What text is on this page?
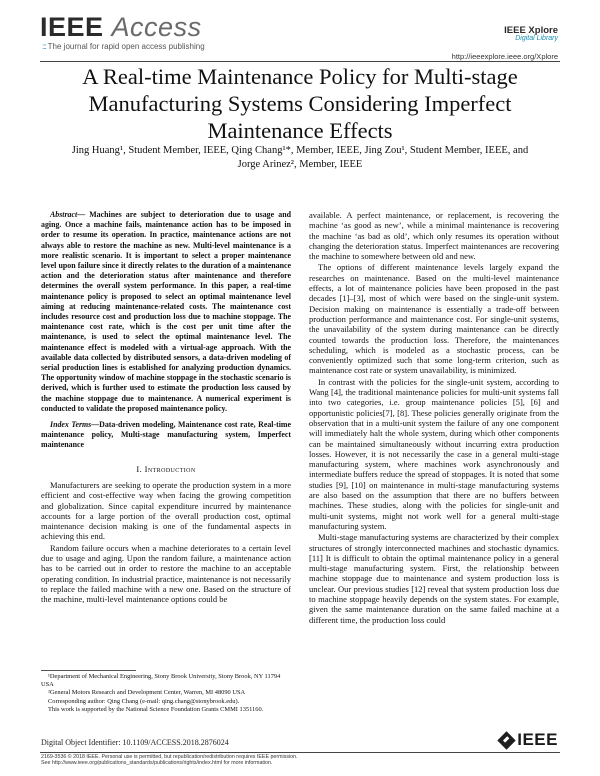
IEEE Access
::: The journal for rapid open access publishing
IEEE Xplore
Digital Library
http://ieeexplore.ieee.org/Xplore
A Real-time Maintenance Policy for Multi-stage Manufacturing Systems Considering Imperfect Maintenance Effects
Jing Huang¹, Student Member, IEEE, Qing Chang¹*, Member, IEEE, Jing Zou¹, Student Member, IEEE, and Jorge Arinez², Member, IEEE

Abstract— Machines are subject to deterioration due to usage and aging. Once a machine fails, maintenance action has to be imposed in order to resume its operation. In practice, maintenance actions are not always able to restore the machine as new. Multi-level maintenance is a more realistic scenario. It is important to select a proper maintenance level upon failure since it directly relates to the duration of a maintenance action and the deterioration status after maintenance and therefore determines the overall system performance. In this paper, a real-time maintenance policy is proposed to select an optimal maintenance level aiming at reducing maintenance-related costs. The maintenance cost includes resource cost and production loss due to machine stoppage. The maintenance cost rate, which is the cost per unit time after the maintenance, is used to select the optimal maintenance level. The maintenance effect is modeled with a virtual-age approach. With the available data collected by distributed sensors, a data-driven modeling of serial production lines is established for analyzing production dynamics. The opportunity window of machine stoppage in the stochastic scenario is derived, which is further used to estimate the production loss caused by the machine stoppage due to maintenance. A numerical experiment is conducted to validate the proposed maintenance policy.

Index Terms—Data-driven modeling, Maintenance cost rate, Real-time maintenance policy, Multi-stage manufacturing system, Imperfect maintenance

I. Introduction

Manufacturers are seeking to operate the production system in a more efficient and cost-effective way when facing the growing competition and globalization. Since capital expenditure incurred by maintenance accounts for a large portion of the overall production cost, optimal maintenance decision making is one of the fundamental aspects in achieving this end.

Random failure occurs when a machine deteriorates to a certain level due to usage and aging. Upon the random failure, a maintenance action has to be carried out in order to restore the machine to an acceptable operating condition. In industrial practice, maintenance is not necessarily to replace the failed machine with a new one. Based on the structure of the machine, multi-level maintenance options could be

available. A perfect maintenance, or replacement, is recovering the machine ‘as good as new’, while a minimal maintenance is recovering the machine ‘as bad as old’, which only resumes its operation without changing the deterioration status. Imperfect maintenances are recovering the machine to somewhere between old and new.

The options of different maintenance levels largely expand the researches on maintenance. Based on the multi-level maintenance effects, a lot of maintenance policies have been proposed in the past decades [1]–[3], most of which were based on the single-unit system. Decision making on maintenance is essentially a trade-off between production performance and maintenance cost. For single-unit systems, the unavailability of the system during maintenance can be directly counted towards the production loss. Therefore, the maintenances scheduling, which is modeled as a stochastic process, can be conveniently optimized such that some long-term criterion, such as maintenance cost rate or system unavailability, is minimized.

In contrast with the policies for the single-unit system, according to Wang [4], the traditional maintenance policies for multi-unit systems fall into two categories, i.e. group maintenance policies [5], [6] and opportunistic policies[7], [8]. These policies generally originate from the observation that in a multi-unit system the failure of any one component will immediately halt the whole system, during which other components can be maintained simultaneously without incurring extra production losses. However, it is not necessarily the case in a general multi-stage manufacturing system, where machines work asynchronously and intermediate buffers reduce the spread of stoppages. It is noted that some studies [9], [10] on maintenance in multi-stage manufacturing systems are also based on the assumption that there are no buffers between machines. These studies, along with the policies for single-unit and multi-unit systems, might not work well for a general multi-stage manufacturing system.

Multi-stage manufacturing systems are characterized by their complex structures of strongly interconnected machines and stochastic dynamics. [11] It is difficult to obtain the optimal maintenance policy in a general multi-stage manufacturing system. First, the relationship between machine stoppage due to maintenance and system production loss is unclear. Our previous studies [12] reveal that system production loss due to machine stoppage heavily depends on the system states. For example, given the same maintenance duration on the same failed machine at a different time, the production loss could

¹Department of Mechanical Engineering, Stony Brook University, Stony Brook, NY 11794 USA

²General Motors Research and Development Center, Warren, MI 48090 USA

Corresponding author: Qing Chang (e-mail: qing.chang@stonybrook.edu).

This work is supported by the National Science Foundation Grants CMMI 1351160.

Digital Object Identifier: 10.1109/ACCESS.2018.2876024	IEEE
2169-3536 © 2018 IEEE. Personal use is permitted, but republication/redistribution requires IEEE permission.
See http://www.ieee.org/publications_standards/publications/rights/index.html for more information.
